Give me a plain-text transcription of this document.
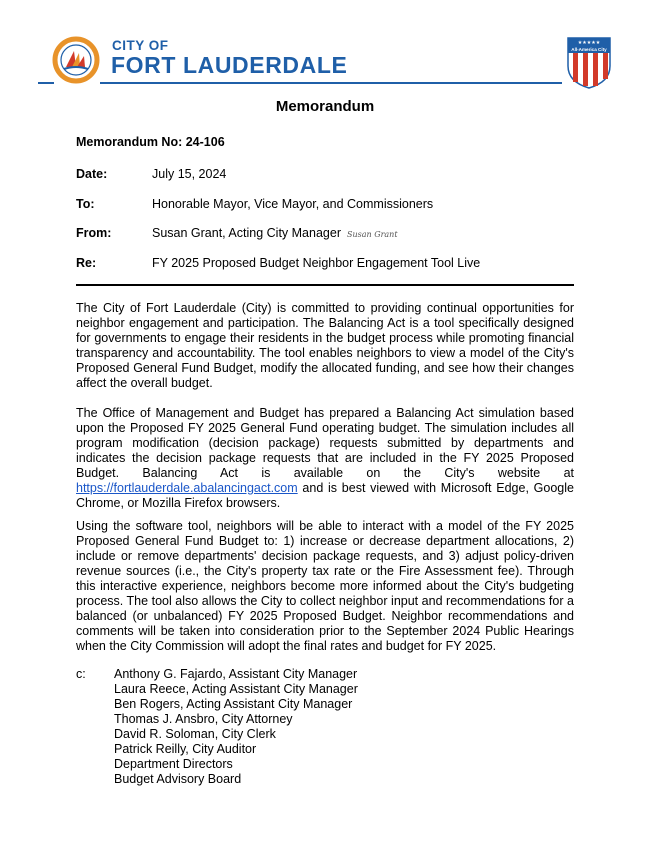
CITY OF
FORT LAUDERDALE
★★★★★
All-America City
Memorandum
Memorandum No: 24-106
Date:	July 15, 2024
To:	Honorable Mayor, Vice Mayor, and Commissioners
From:	Susan Grant, Acting City Manager Susan Grant
Re:	FY 2025 Proposed Budget Neighbor Engagement Tool Live

The City of Fort Lauderdale (City) is committed to providing continual opportunities for neighbor engagement and participation. The Balancing Act is a tool specifically designed for governments to engage their residents in the budget process while promoting financial transparency and accountability. The tool enables neighbors to view a model of the City's Proposed General Fund Budget, modify the allocated funding, and see how their changes affect the overall budget.

The Office of Management and Budget has prepared a Balancing Act simulation based upon the Proposed FY 2025 General Fund operating budget. The simulation includes all program modification (decision package) requests submitted by departments and indicates the decision package requests that are included in the FY 2025 Proposed Budget. Balancing Act is available on the City's website at https://fortlauderdale.abalancingact.com and is best viewed with Microsoft Edge, Google Chrome, or Mozilla Firefox browsers.

Using the software tool, neighbors will be able to interact with a model of the FY 2025 Proposed General Fund Budget to: 1) increase or decrease department allocations, 2) include or remove departments' decision package requests, and 3) adjust policy-driven revenue sources (i.e., the City's property tax rate or the Fire Assessment fee). Through this interactive experience, neighbors become more informed about the City's budgeting process. The tool also allows the City to collect neighbor input and recommendations for a balanced (or unbalanced) FY 2025 Proposed Budget. Neighbor recommendations and comments will be taken into consideration prior to the September 2024 Public Hearings when the City Commission will adopt the final rates and budget for FY 2025.

c: Anthony G. Fajardo, Assistant City Manager
Laura Reece, Acting Assistant City Manager
Ben Rogers, Acting Assistant City Manager
Thomas J. Ansbro, City Attorney
David R. Soloman, City Clerk
Patrick Reilly, City Auditor
Department Directors
Budget Advisory Board
